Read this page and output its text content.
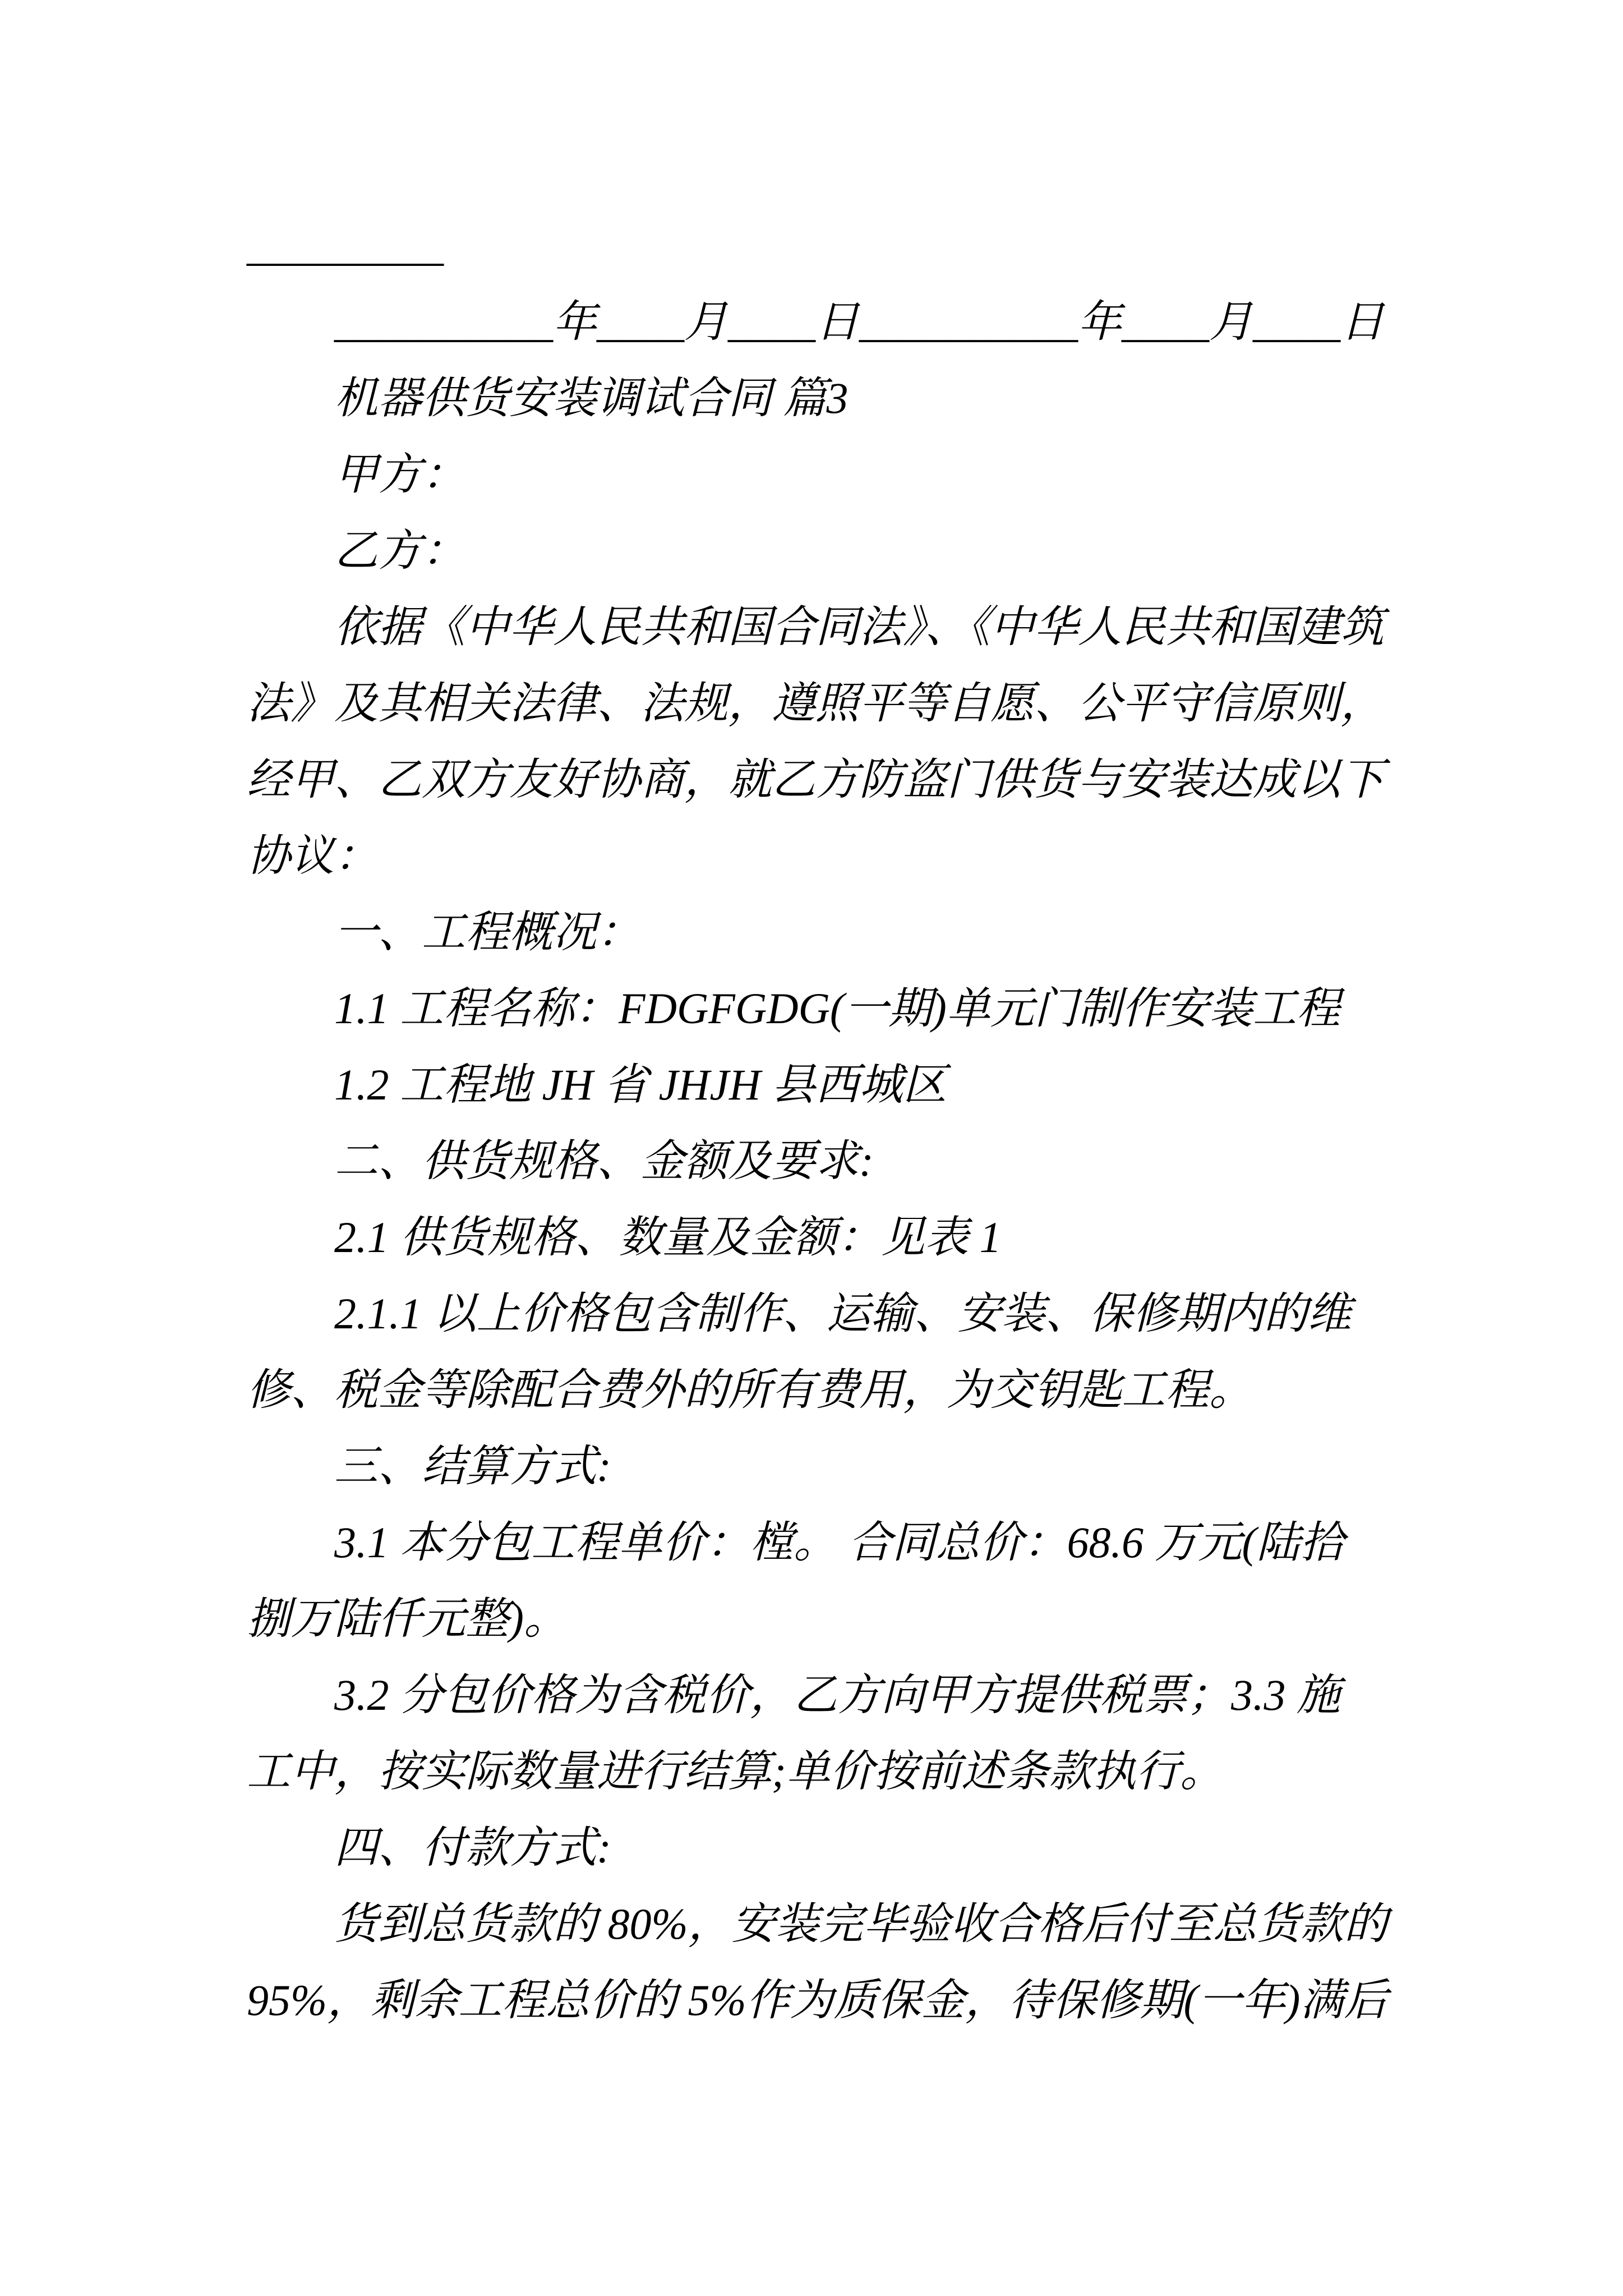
_________
__________年____月____日__________年____月____日
机器供货安装调试合同 篇3
甲方：
乙方：
依据《中华人民共和国合同法》、《中华人民共和国建筑
法》及其相关法律、法规，遵照平等自愿、公平守信原则，
经甲、乙双方友好协商，就乙方防盗门供货与安装达成以下
协议：
一、工程概况：
1.1 工程名称：FDGFGDG(一期)单元门制作安装工程
1.2 工程地 JH 省 JHJH 县西城区
二、供货规格、金额及要求:
2.1 供货规格、数量及金额：见表 1
2.1.1 以上价格包含制作、运输、安装、保修期内的维
修、税金等除配合费外的所有费用，为交钥匙工程。
三、结算方式:
3.1 本分包工程单价：樘。 合同总价：68.6 万元(陆拾
捌万陆仟元整)。
3.2 分包价格为含税价，乙方向甲方提供税票；3.3 施
工中，按实际数量进行结算;单价按前述条款执行。
四、付款方式:
货到总货款的 80%，安装完毕验收合格后付至总货款的
95%，剩余工程总价的 5%作为质保金，待保修期(一年)满后
